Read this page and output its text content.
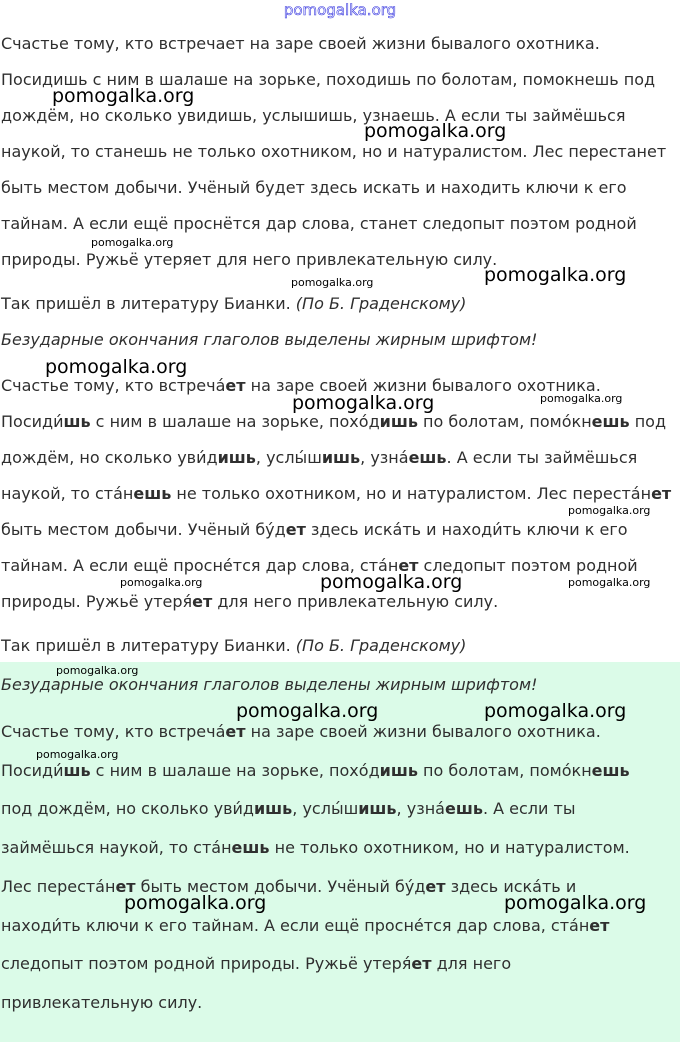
pomogalka.org
Счастье тому, кто встречает на заре своей жизни бывалого охотника.
Посидишь с ним в шалаше на зорьке, походишь по болотам, помокнешь под
дождём, но сколько увидишь, услышишь, узнаешь. А если ты займёшься
наукой, то станешь не только охотником, но и натуралистом. Лес перестанет
быть местом добычи. Учёный будет здесь искать и находить ключи к его
тайнам. А если ещё проснётся дар слова, станет следопыт поэтом родной
природы. Ружьё утеряет для него привлекательную силу.
Так пришёл в литературу Бианки. (По Б. Граденскому)
Безударные окончания глаголов выделены жирным шрифтом!
Счастье тому, кто встреча́ет на заре своей жизни бывалого охотника.
Посиди́шь с ним в шалаше на зорьке, похо́дишь по болотам, помо́кнешь под
дождём, но сколько уви́дишь, услы́шишь, узна́ешь. А если ты займёшься
наукой, то ста́нешь не только охотником, но и натуралистом. Лес переста́нет
быть местом добычи. Учёный бу́дет здесь иска́ть и находи́ть ключи к его
тайнам. А если ещё просне́тся дар слова, ста́нет следопыт поэтом родной
природы. Ружьё утеря́ет для него привлекательную силу.
Так пришёл в литературу Бианки. (По Б. Граденскому)
Безударные окончания глаголов выделены жирным шрифтом!
Счастье тому, кто встреча́ет на заре своей жизни бывалого охотника.
Посиди́шь с ним в шалаше на зорьке, похо́дишь по болотам, помо́кнешь
под дождём, но сколько уви́дишь, услы́шишь, узна́ешь. А если ты
займёшься наукой, то ста́нешь не только охотником, но и натуралистом.
Лес переста́нет быть местом добычи. Учёный бу́дет здесь иска́ть и
находи́ть ключи к его тайнам. А если ещё просне́тся дар слова, ста́нет
следопыт поэтом родной природы. Ружьё утеря́ет для него
привлекательную силу.
pomogalka.org
pomogalka.org
pomogalka.org
pomogalka.org
pomogalka.org
pomogalka.org
pomogalka.org	pomogalka.org
pomogalka.org
pomogalka.org	pomogalka.org	pomogalka.org
pomogalka.org
pomogalka.org	pomogalka.org
pomogalka.org
pomogalka.org	pomogalka.org
